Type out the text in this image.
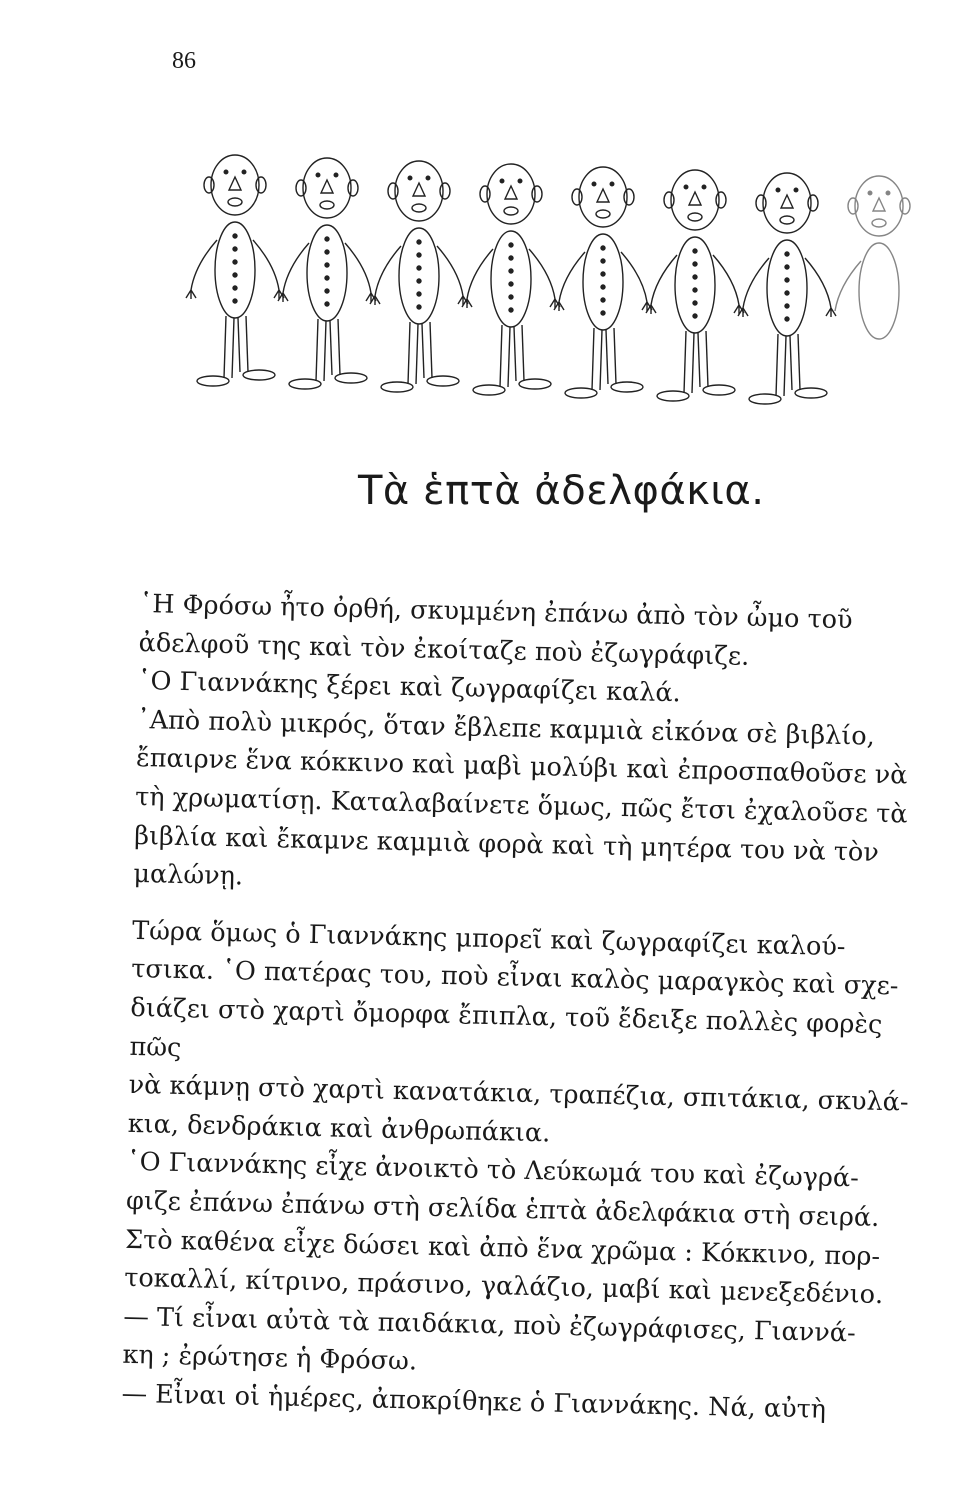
86
Τὰ ἑπτὰ ἀδελφάκια.

῾Η Φρόσω ἦτο ὀρθή, σκυμμένη ἐπάνω ἀπὸ τὸν ὦμο τοῦ
ἀδελφοῦ της καὶ τὸν ἐκοίταζε ποὺ ἐζωγράφιζε.

῾Ο Γιαννάκης ξέρει καὶ ζωγραφίζει καλά.

᾿Απὸ πολὺ μικρός, ὅταν ἔβλεπε καμμιὰ εἰκόνα σὲ βιβλίο,
ἔπαιρνε ἕνα κόκκινο καὶ μαβὶ μολύβι καὶ ἐπροσπαθοῦσε νὰ
τὴ χρωματίσῃ. Καταλαβαίνετε ὅμως, πῶς ἔτσι ἐχαλοῦσε τὰ
βιβλία καὶ ἔκαμνε καμμιὰ φορὰ καὶ τὴ μητέρα του νὰ τὸν
μαλώνῃ.

Τώρα ὅμως ὁ Γιαννάκης μπορεῖ καὶ ζωγραφίζει καλού-
τσικα. ῾Ο πατέρας του, ποὺ εἶναι καλὸς μαραγκὸς καὶ σχε-
διάζει στὸ χαρτὶ ὄμορφα ἔπιπλα, τοῦ ἔδειξε πολλὲς φορὲς πῶς
νὰ κάμνῃ στὸ χαρτὶ κανατάκια, τραπέζια, σπιτάκια, σκυλά-
κια, δενδράκια καὶ ἀνθρωπάκια.

῾Ο Γιαννάκης εἶχε ἀνοικτὸ τὸ Λεύκωμά του καὶ ἐζωγρά-
φιζε ἐπάνω ἐπάνω στὴ σελίδα ἑπτὰ ἀδελφάκια στὴ σειρά.
Στὸ καθένα εἶχε δώσει καὶ ἀπὸ ἕνα χρῶμα : Κόκκινο, πορ-
τοκαλλί, κίτρινο, πράσινο, γαλάζιο, μαβί καὶ μενεξεδένιο.

— Τί εἶναι αὐτὰ τὰ παιδάκια, ποὺ ἐζωγράφισες, Γιαννά-
κη ; ἐρώτησε ἡ Φρόσω.

— Εἶναι οἱ ἡμέρες, ἀποκρίθηκε ὁ Γιαννάκης. Νά, αὐτὴ
